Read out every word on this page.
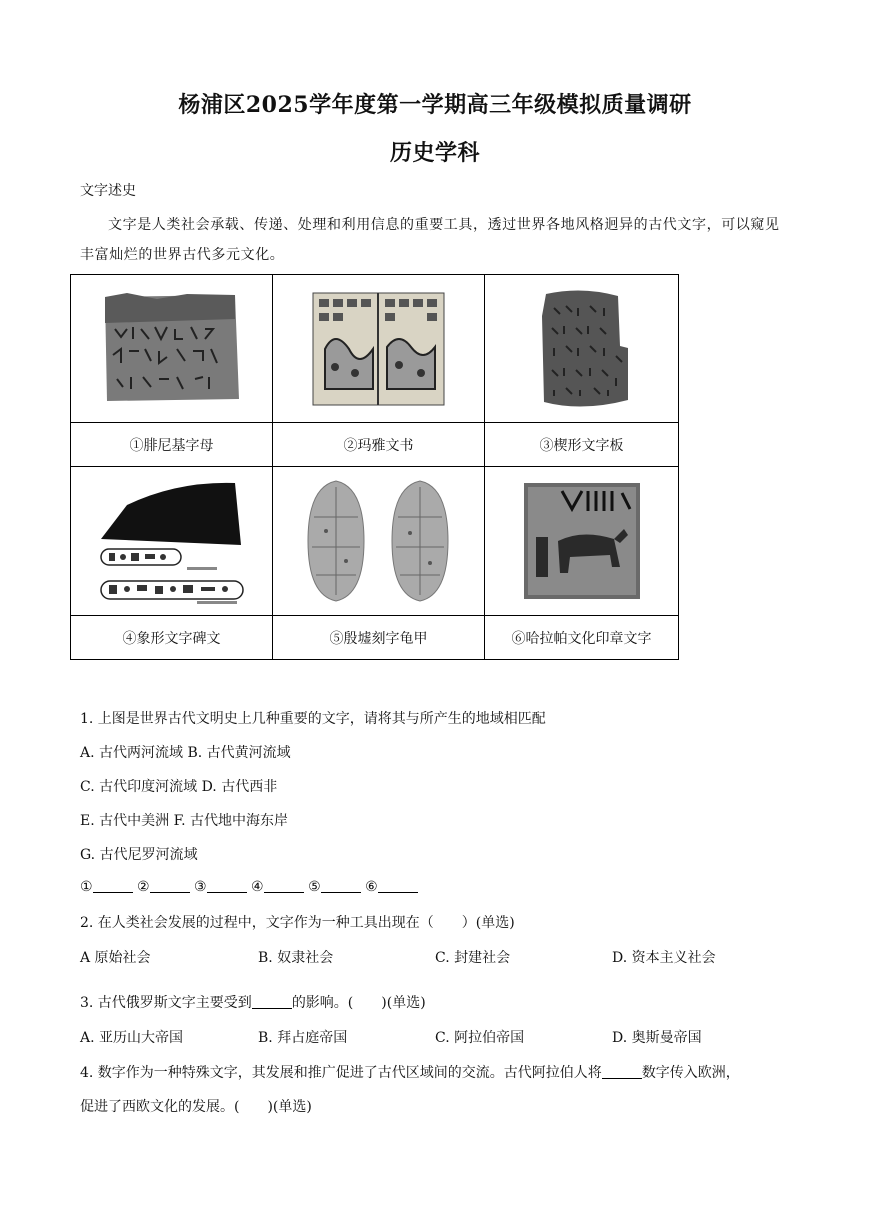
杨浦区2025学年度第一学期高三年级模拟质量调研
历史学科
文字述史
文字是人类社会承载、传递、处理和利用信息的重要工具，透过世界各地风格迥异的古代文字，可以窥见丰富灿烂的世界古代多元文化。

①腓尼基字母	②玛雅文书	③楔形文字板

④象形文字碑文	⑤殷墟刻字龟甲	⑥哈拉帕文化印章文字
1. 上图是世界古代文明史上几种重要的文字，请将其与所产生的地域相匹配
A. 古代两河流域 B. 古代黄河流域
C. 古代印度河流域 D. 古代西非
E. 古代中美洲 F. 古代地中海东岸
G. 古代尼罗河流域
①	②	③	④	⑤	⑥
2. 在人类社会发展的过程中，文字作为一种工具出现在（　　）(单选)
A 原始社会	B. 奴隶社会	C. 封建社会	D. 资本主义社会
3. 古代俄罗斯文字主要受到	的影响。(　　)(单选)
A. 亚历山大帝国	B. 拜占庭帝国	C. 阿拉伯帝国	D. 奥斯曼帝国
4. 数字作为一种特殊文字，其发展和推广促进了古代区域间的交流。古代阿拉伯人将	数字传入欧洲，
促进了西欧文化的发展。(　　)(单选)
